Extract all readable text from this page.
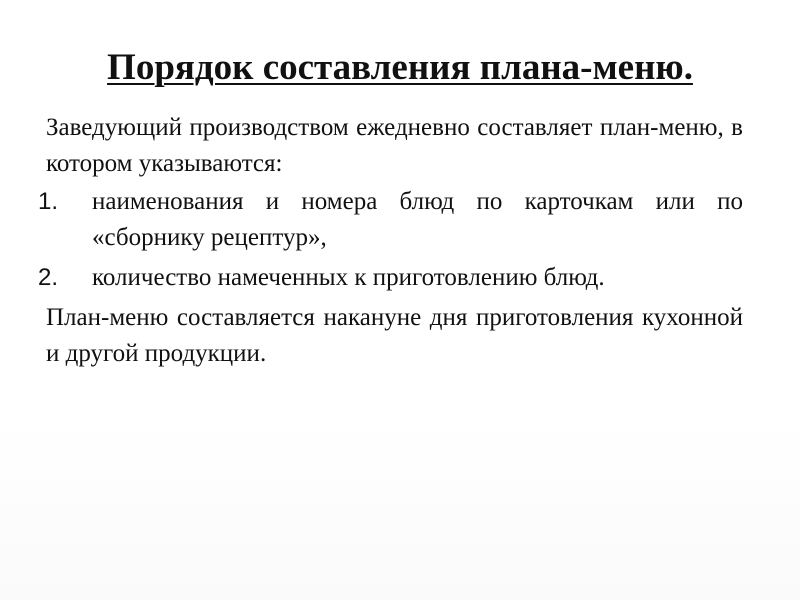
Порядок составления плана-меню.

Заведующий производством ежедневно составляет план-меню, в котором указываются:

1. наименования и номера блюд по карточкам или по «сборнику рецептур»,
2. количество намеченных к приготовлению блюд.

План-меню составляется накануне дня приготовления кухонной и другой продукции.
